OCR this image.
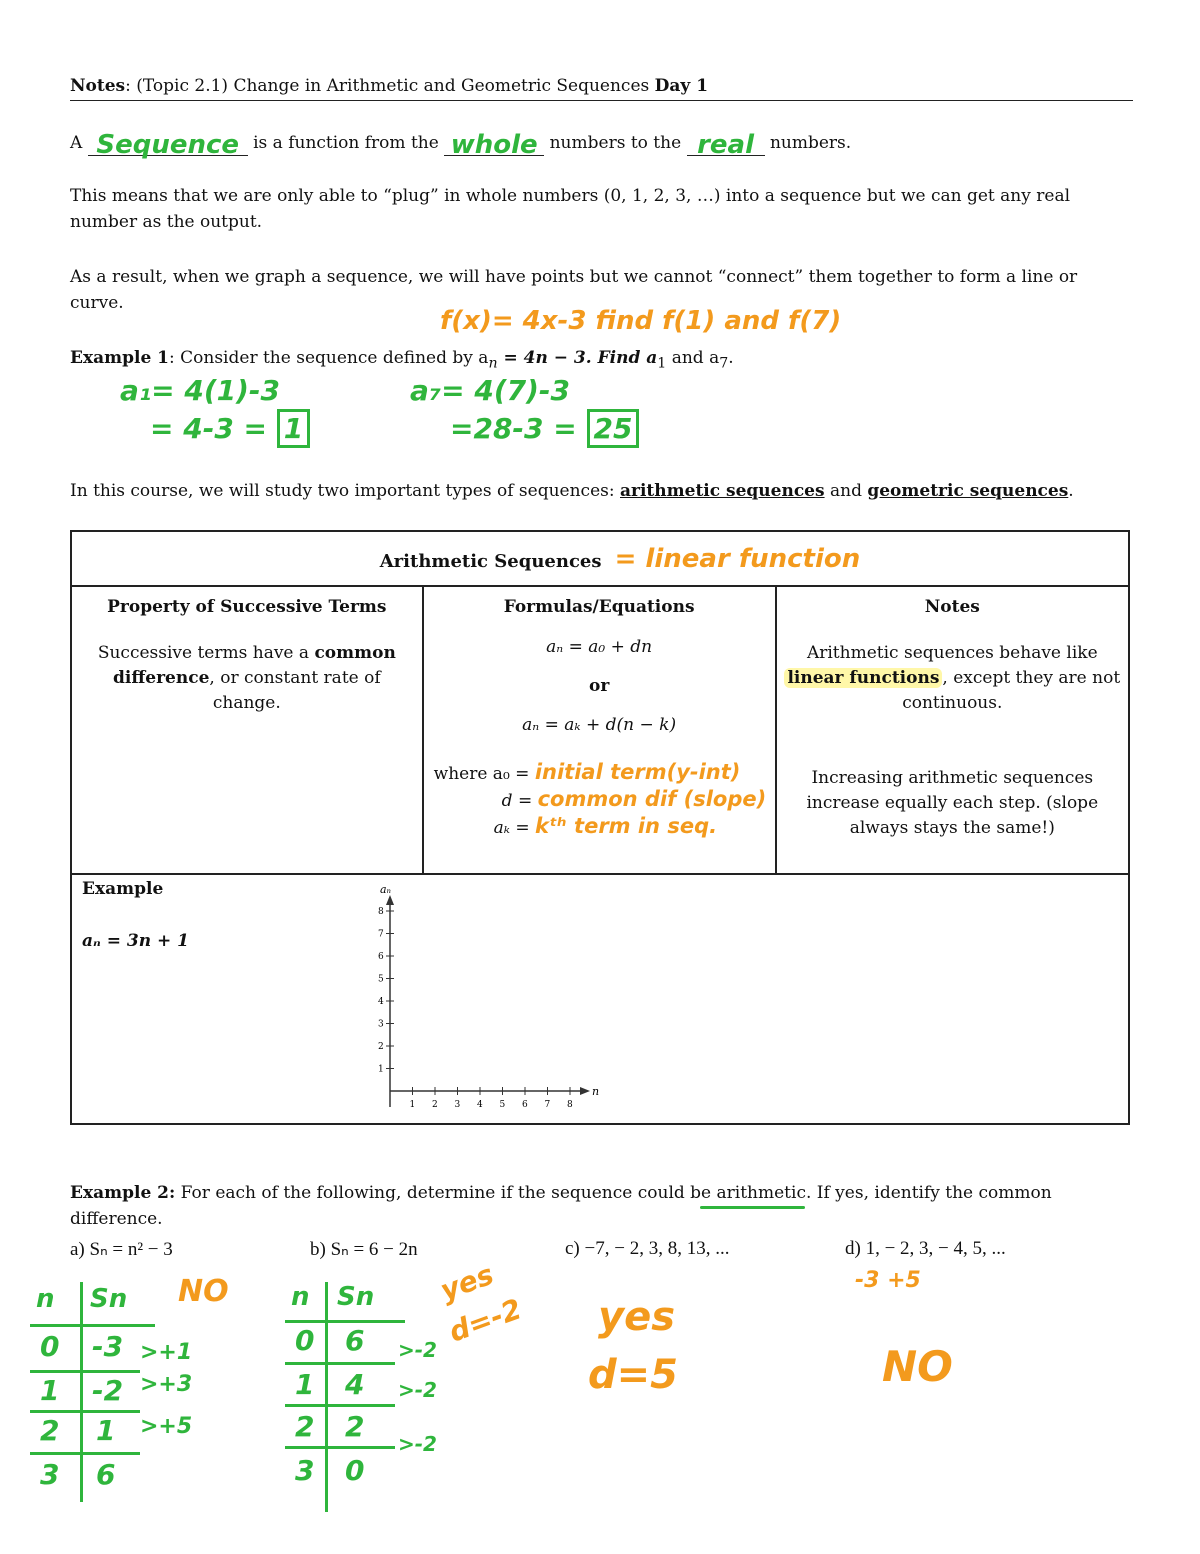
Notes: (Topic 2.1) Change in Arithmetic and Geometric Sequences Day 1
A Sequence is a function from the whole numbers to the real numbers.
This means that we are only able to “plug” in whole numbers (0, 1, 2, 3, …) into a sequence but we can get any real
number as the output.
As a result, when we graph a sequence, we will have points but we cannot “connect” them together to form a line or
curve.
f(x)= 4x-3 find f(1) and f(7)
Example 1: Consider the sequence defined by $a_n = 4n - 3$. Find $a_1$ and $a_7$.
a₁= 4(1)-3
= 4-3 = 1
a₇= 4(7)-3
=28-3 = 25
In this course, we will study two important types of sequences: arithmetic sequences and geometric sequences.
Arithmetic Sequences = linear function

Property of Successive Terms
Successive terms have a common
difference, or constant rate of
change.

Formulas/Equations
aₙ = a₀ + dn
or
aₙ = aₖ + d(n − k)
where a₀ = initial term(y-int)
d = common dif (slope)
aₖ = kᵗʰ term in seq.

Notes
Arithmetic sequences behave like
linear functions , except they are not
continuous.
Increasing arithmetic sequences
increase equally each step. (slope
always stays the same!)

Example
aₙ = 3n + 1
aₙ
n
1 2 3 4 5 6 7 8
1
2
3
4
5
6
7
8
Example 2: For each of the following, determine if the sequence could be arithmetic. If yes, identify the common
difference.
a) Sₙ = n² − 3	b) Sₙ = 6 − 2n	c) −7, − 2, 3, 8, 13, ...	d) 1, − 2, 3, − 4, 5, ...
n Sn
0 -3
1 -2
2 1
3 6
>+1
>+3
>+5
NO n Sn
0 6
1 4
2 2
3 0
>-2
>-2
>-2
yes
d=-2 yes
d=5
-3 +5
NO
